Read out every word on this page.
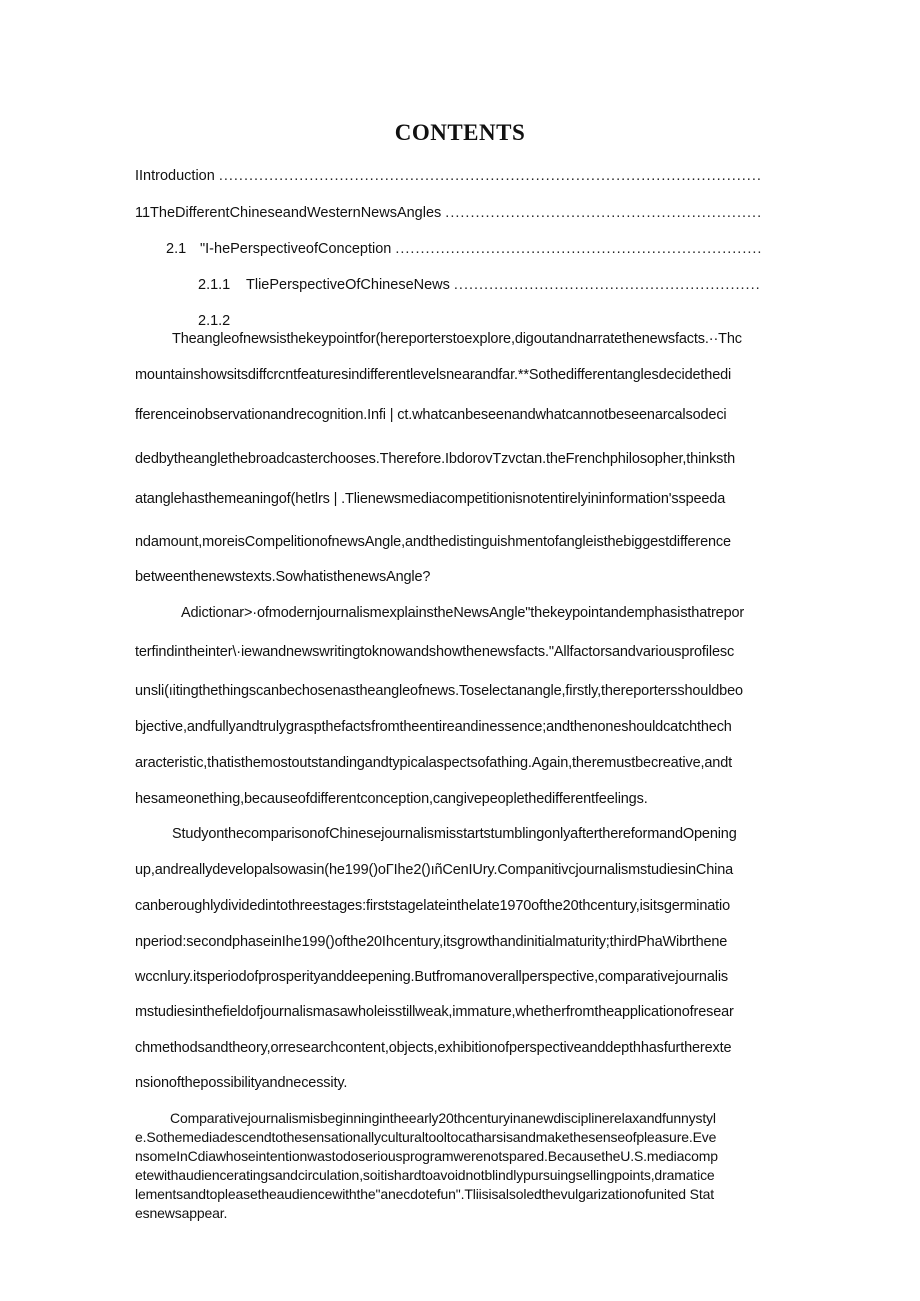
CONTENTS
IIntroduction
.....
11TheDifferentChineseandWesternNewsAngles
.....
2.1 "I-hePerspectiveofConception
.....
2.1.1	TliePerspectiveOfChineseNews
.....
2.1.2
Theangleofnewsisthekeypointfor(hereporterstoexplore,digoutandnarratethenewsfacts.··Thc
mountainshowsitsdiffcrcntfeaturesindifferentlevelsnearandfar.**Sothedifferentanglesdecidethedi
fferenceinobservationandrecognition.Infi | ct.whatcanbeseenandwhatcannotbeseenarcalsodeci
dedbytheanglethebroadcasterchooses.Therefore.IbdorovTzvctan.theFrenchphilosopher,thinksth
atanglehasthemeaningof(hetlrs | .Tlienewsmediacompetitionisnotentirelyininformation'sspeeda
ndamount,moreisCompelitionofnewsAngle,andthedistinguishmentofangleisthebiggestdifference
betweenthenewstexts.SowhatisthenewsAngle?
Adictionar>·ofmodernjournalismexplainstheNewsAngle"thekeypointandemphasisthatrepor
terfindintheinter\·iewandnewswritingtoknowandshowthenewsfacts."Allfactorsandvariousprofilesc
unsli(ıitingthethingscanbechosenastheangleofnews.Toselectanangle,firstly,thereportersshouldbeo
bjective,andfullyandtrulygraspthefactsfromtheentireandinessence;andthenoneshouldcatchthech
aracteristic,thatisthemostoutstandingandtypicalaspectsofathing.Again,theremustbecreative,andt
hesameonething,becauseofdifferentconception,cangivepeoplethedifferentfeelings.
StudyonthecomparisonofChinesejournalismisstartstumblingonlyafterthereformandOpening
up,andreallydevelopalsowasin(he199()oΓIhe2()ıñCenIUry.CompanitivcjournalismstudiesinChina
canberoughlydividedintothreestages:firststagelateinthelate1970ofthe20thcentury,isitsgerminatio
nperiod:secondphaseinIhe199()ofthe20Ihcentury,itsgrowthandinitialmaturity;thirdPhaWibrthene
wccnlury.itsperiodofprosperityanddeepening.Butfromanoverallperspective,comparativejournalis
mstudiesinthefieldofjournalismasawholeisstillweak,immature,whetherfromtheapplicationofresear
chmethodsandtheory,orresearchcontent,objects,exhibitionofperspectiveanddepthhasfurtherexte
nsionofthepossibilityandnecessity.
Comparativejournalismisbeginningintheearly20thcenturyinanewdisciplinerelaxandfunnystyl
e.Sothemediadescendtothesensationallyculturaltooltocatharsisandmakethesenseofpleasure.Eve
nsomeInCdiawhoseintentionwastodoseriousprogramwerenotspared.BecausetheU.S.mediacomp
etewithaudienceratingsandcirculation,soitishardtoavoidnotblindlypursuingsellingpoints,dramatice
lementsandtopleasetheaudiencewiththe"anecdotefun".Tliisisalsoledthevulgarizationofunited Stat
esnewsappear.
